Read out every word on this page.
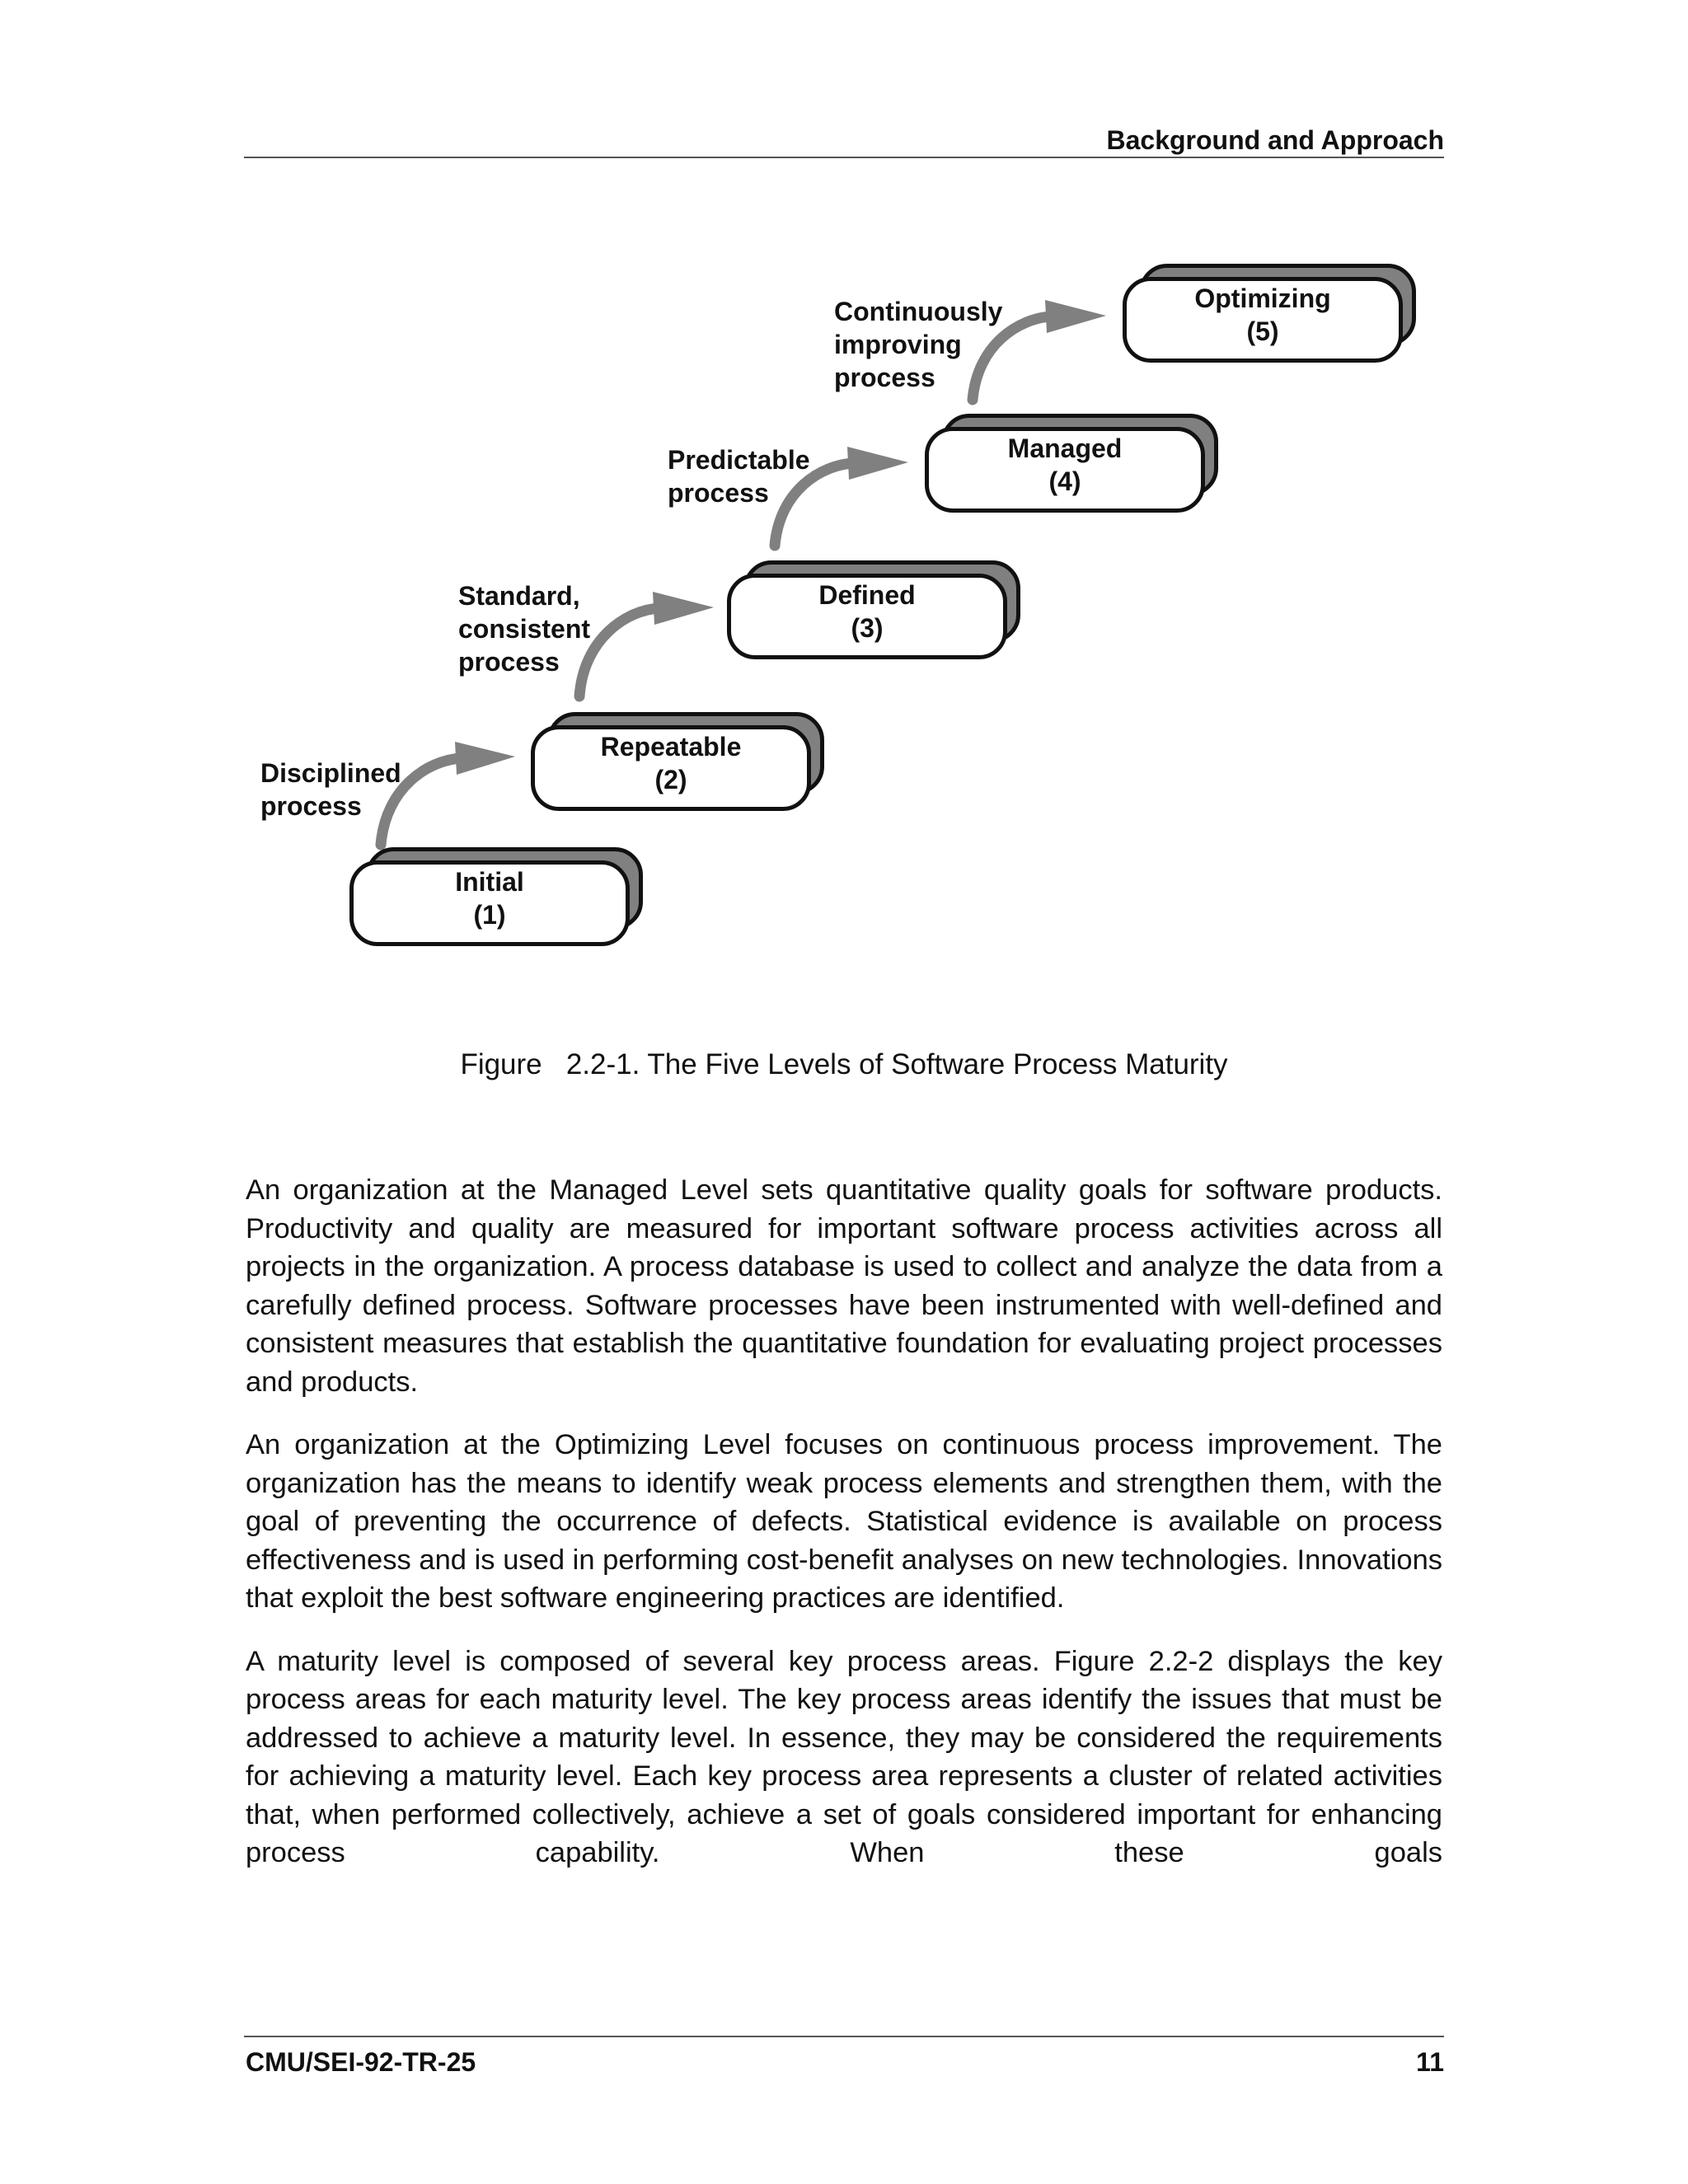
Background and Approach
Initial
(1)
Repeatable
(2)
Defined
(3)
Managed
(4)
Optimizing
(5)
Disciplined
process
Standard,
consistent
process
Predictable
process
Continuously
improving
process
Figure   2.2-1. The Five Levels of Software Process Maturity

An organization at the Managed Level sets quantitative quality goals for software products. Productivity and quality are measured for important software process activities across all projects in the organization. A process database is used to collect and analyze the data from a carefully defined process. Software processes have been instrumented with well-defined and consistent measures that establish the quantitative foundation for evaluating project processes and products.

An organization at the Optimizing Level focuses on continuous process improvement. The organization has the means to identify weak process elements and strengthen them, with the goal of preventing the occurrence of defects. Statistical evidence is available on process effectiveness and is used in performing cost-benefit analyses on new technologies. Innovations that exploit the best software engineering practices are identified.

A maturity level is composed of several key process areas. Figure 2.2-2 displays the key process areas for each maturity level. The key process areas identify the issues that must be addressed to achieve a maturity level. In essence, they may be considered the requirements for achieving a maturity level. Each key process area represents a cluster of related activities that, when performed collectively, achieve a set of goals considered important for enhancing process capability. When these goals

CMU/SEI-92-TR-25	11
